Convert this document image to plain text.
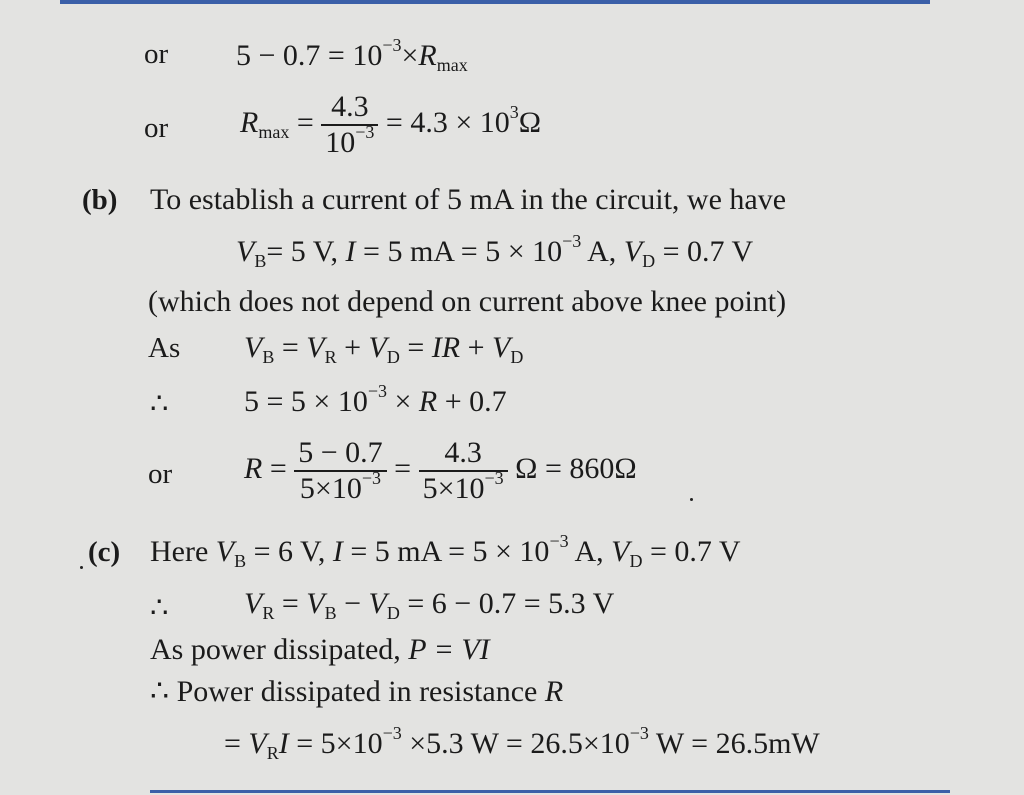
or $5 - 0.7 = 10^{-3}\times R_{max}$
or $R_{max} = \frac{4.3}{10^{-3}} = 4.3 \times 10^3\Omega$
(b) To establish a current of 5 mA in the circuit, we have
$V_B= 5$ V, I = 5 mA = $5 \times 10^{-3}$ A, $V_D = 0.7$ V
(which does not depend on current above knee point)
As $V_B = V_R + V_D$ = IR + $V_D$
∴	$5 = 5 \times 10^{-3} \times R + 0.7$
or $R = \frac{5 - 0.7}{5\times 10^{-3}} = \frac{4.3}{5\times 10^{-3}}$ Ω = 860Ω
(c) Here $V_B = 6$ V, I = 5 mA = $5 \times 10^{-3}$ A, $V_D = 0.7$ V
∴	$V_R = V_B - V_D = 6 - 0.7 = 5.3$ V
As power dissipated, P = VI
∴ Power dissipated in resistance R
= $V_RI = 5\times 10^{-3} \times 5.3$ $W = 26.5\times 10^{-3}$ W = 26.5mW
